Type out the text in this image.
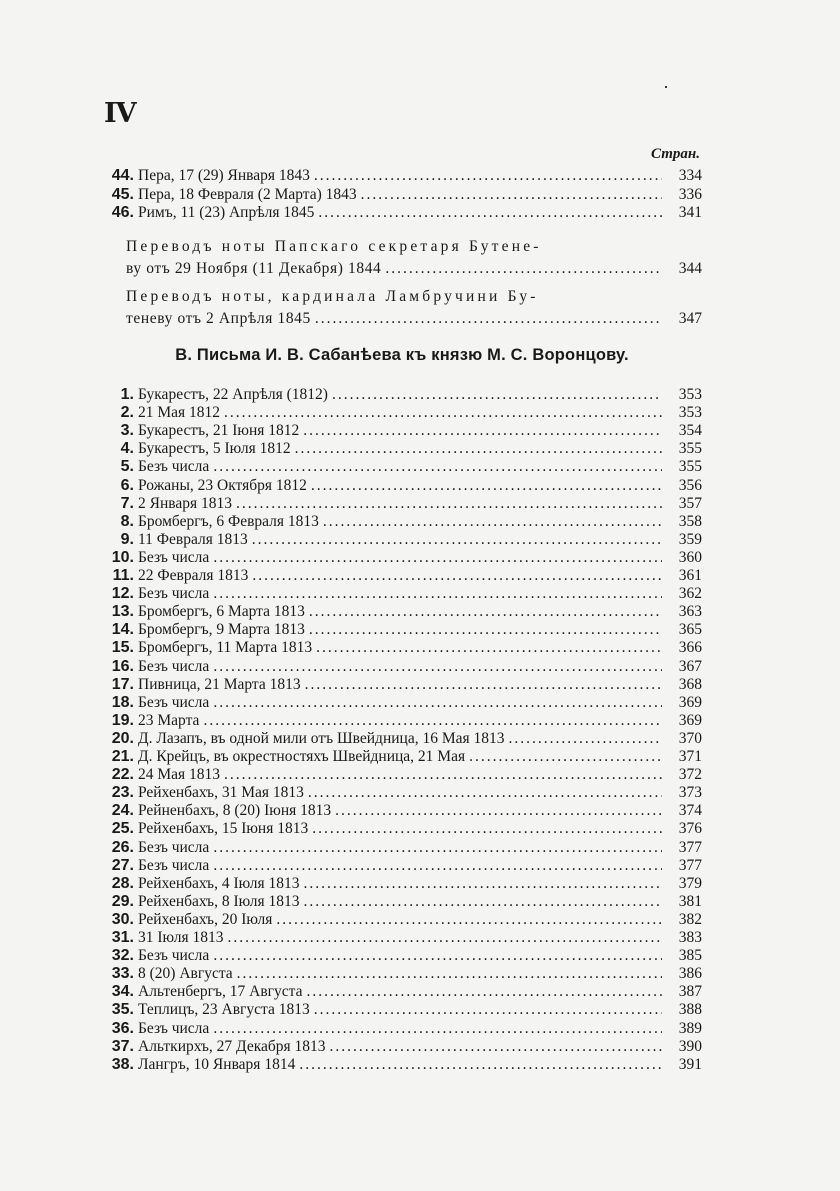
IV
Стран.
44. Пера, 17 (29) Января 1843 .....	334
45. Пера, 18 Февраля (2 Марта) 1843 .....	336
46. Римъ, 11 (23) Апрѣля 1845 .....	341
Переводъ ноты Папскаго секретаря Бутене-
ву отъ 29 Ноября (11 Декабря) 1844 .....	344
Переводъ ноты, кардинала Ламбручини Бу-
теневу отъ 2 Апрѣля 1845 .....	347
В. Письма И. В. Сабанѣева къ князю М. С. Воронцову.
1. Букарестъ, 22 Апрѣля (1812) .....	353
2. 21 Мая 1812 .....	353
3. Букарестъ, 21 Іюня 1812 .....	354
4. Букарестъ, 5 Іюля 1812 .....	355
5. Безъ числа .....	355
6. Рожаны, 23 Октября 1812 .....	356
7. 2 Января 1813 .....	357
8. Бромбергъ, 6 Февраля 1813 .....	358
9. 11 Февраля 1813 .....	359
10. Безъ числа .....	360
11. 22 Февраля 1813 .....	361
12. Безъ числа .....	362
13. Бромбергъ, 6 Марта 1813 .....	363
14. Бромбергъ, 9 Марта 1813 .....	365
15. Бромбергъ, 11 Марта 1813 .....	366
16. Безъ числа .....	367
17. Пивница, 21 Марта 1813 .....	368
18. Безъ числа .....	369
19. 23 Марта .....	369
20. Д. Лазапъ, въ одной мили отъ Швейдница, 16 Мая 1813 .....	370
21. Д. Крейцъ, въ окрестностяхъ Швейдница, 21 Мая .....	371
22. 24 Мая 1813 .....	372
23. Рейхенбахъ, 31 Мая 1813 .....	373
24. Рейненбахъ, 8 (20) Іюня 1813 .....	374
25. Рейхенбахъ, 15 Іюня 1813 .....	376
26. Безъ числа .....	377
27. Безъ числа .....	377
28. Рейхенбахъ, 4 Іюля 1813 .....	379
29. Рейхенбахъ, 8 Іюля 1813 .....	381
30. Рейхенбахъ, 20 Іюля .....	382
31. 31 Іюля 1813 .....	383
32. Безъ числа .....	385
33. 8 (20) Августа .....	386
34. Альтенбергъ, 17 Августа .....	387
35. Теплицъ, 23 Августа 1813 .....	388
36. Безъ числа .....	389
37. Альткирхъ, 27 Декабря 1813 .....	390
38. Лангръ, 10 Января 1814 .....	391
